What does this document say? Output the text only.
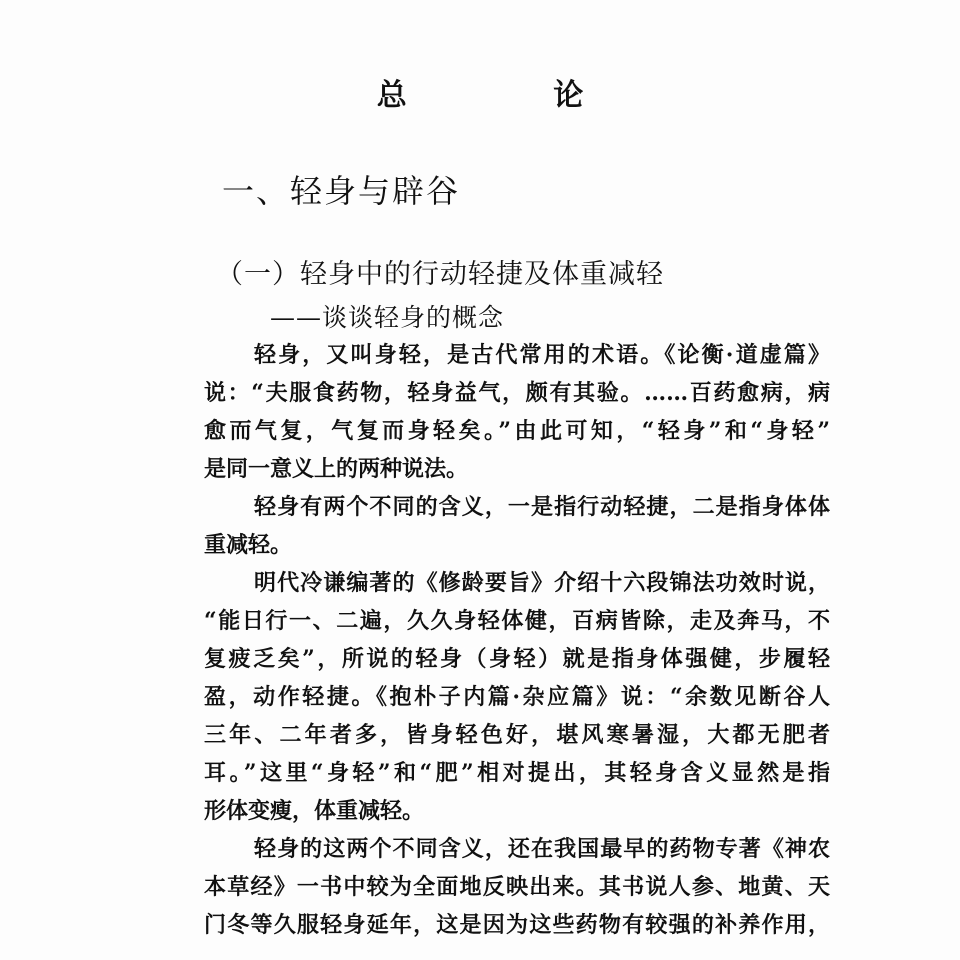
总 论
一、轻身与辟谷
（一）轻身中的行动轻捷及体重减轻
——谈谈轻身的概念
轻身，又叫身轻，是古代常用的术语。《论衡·道虚篇》
说：“夫服食药物，轻身益气，颇有其验。……百药愈病，病
愈而气复，气复而身轻矣。”由此可知，“轻身”和“身轻”
是同一意义上的两种说法。
轻身有两个不同的含义，一是指行动轻捷，二是指身体体
重减轻。
明代冷谦编著的《修龄要旨》介绍十六段锦法功效时说，
“能日行一、二遍，久久身轻体健，百病皆除，走及奔马，不
复疲乏矣”，所说的轻身（身轻）就是指身体强健，步履轻
盈，动作轻捷。《抱朴子内篇·杂应篇》说：“余数见断谷人
三年、二年者多，皆身轻色好，堪风寒暑湿，大都无肥者
耳。”这里“身轻”和“肥”相对提出，其轻身含义显然是指
形体变瘦，体重减轻。
轻身的这两个不同含义，还在我国最早的药物专著《神农
本草经》一书中较为全面地反映出来。其书说人参、地黄、天
门冬等久服轻身延年，这是因为这些药物有较强的补养作用，
